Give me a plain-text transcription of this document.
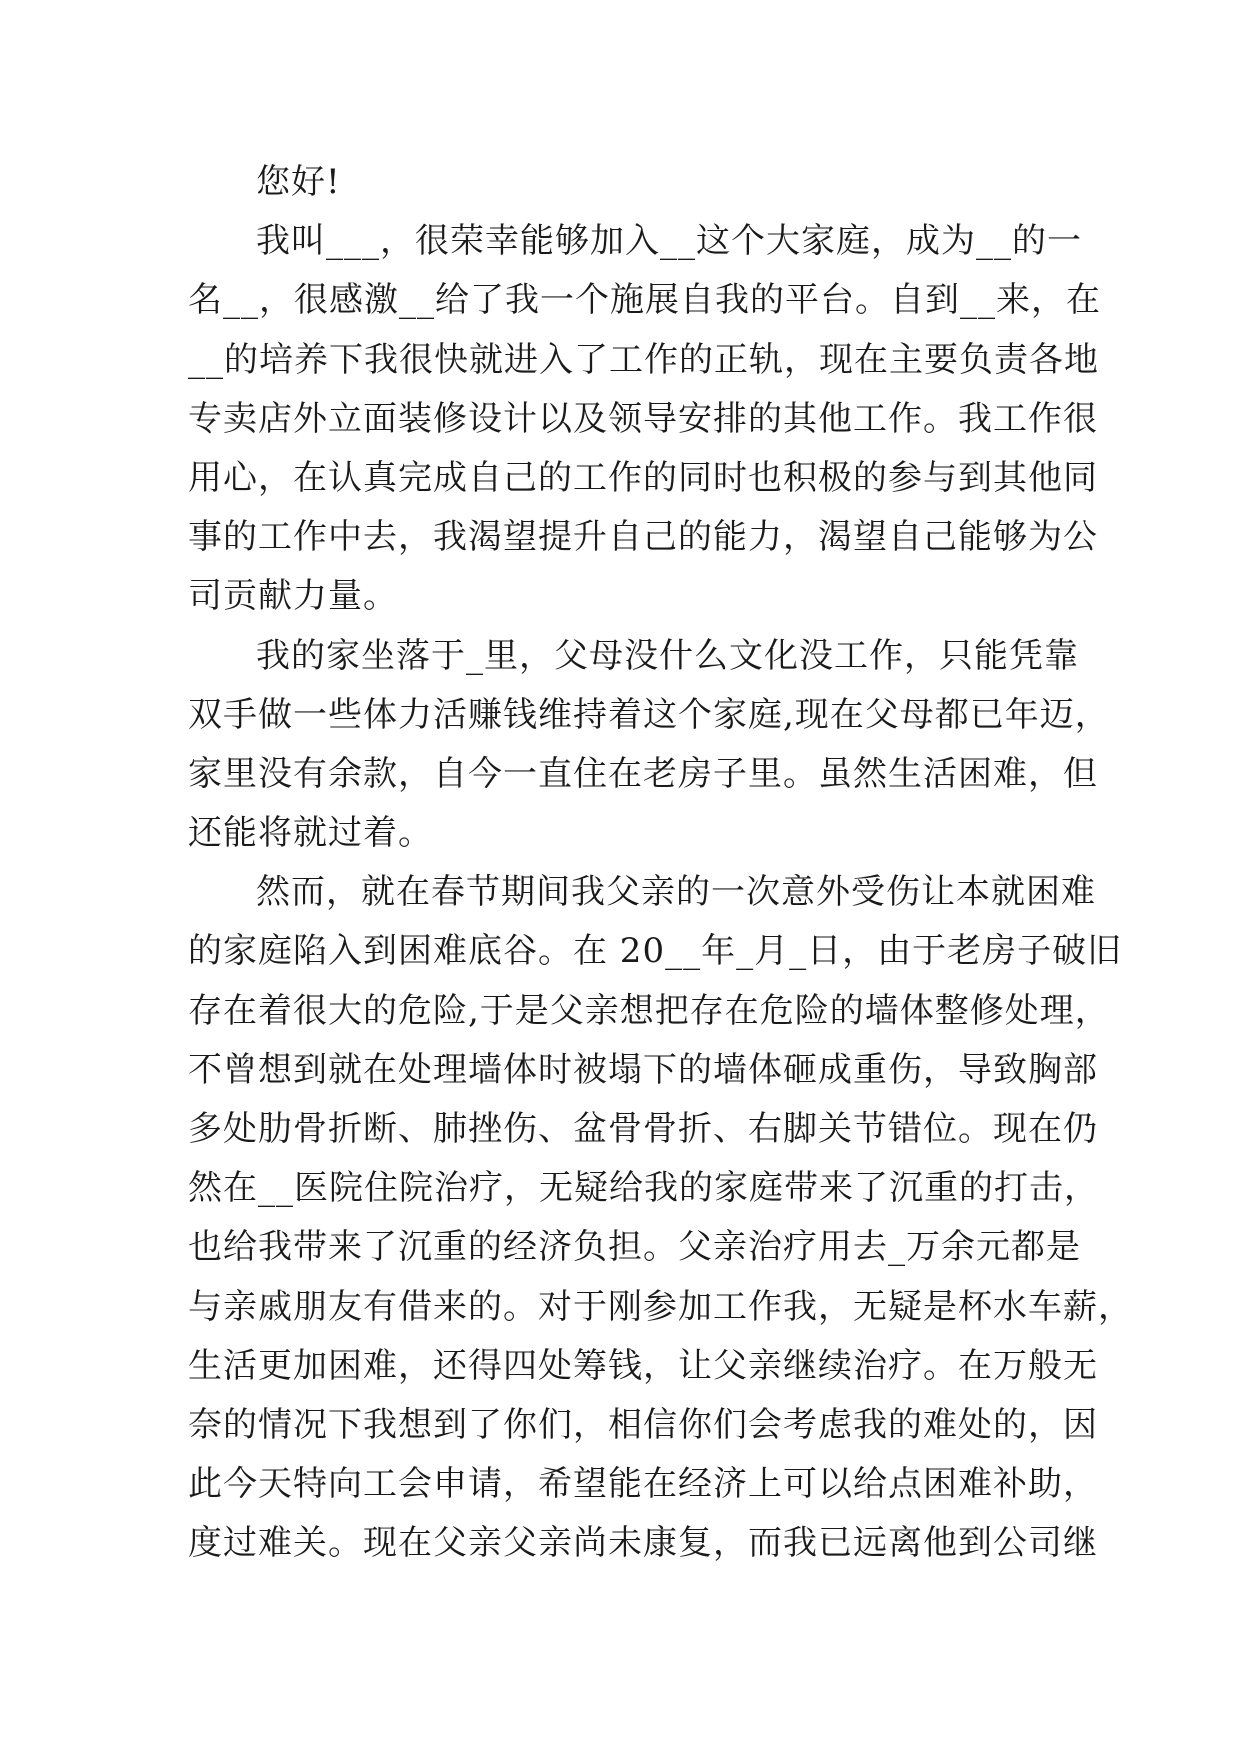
您好!
我叫___，很荣幸能够加入__这个大家庭，成为__的一
名__，很感激__给了我一个施展自我的平台。自到__来，在
__的培养下我很快就进入了工作的正轨，现在主要负责各地
专卖店外立面装修设计以及领导安排的其他工作。我工作很
用心，在认真完成自己的工作的同时也积极的参与到其他同
事的工作中去，我渴望提升自己的能力，渴望自己能够为公
司贡献力量。
我的家坐落于_里，父母没什么文化没工作，只能凭靠
双手做一些体力活赚钱维持着这个家庭,现在父母都已年迈，
家里没有余款，自今一直住在老房子里。虽然生活困难，但
还能将就过着。
然而，就在春节期间我父亲的一次意外受伤让本就困难
的家庭陷入到困难底谷。在 20__年_月_日，由于老房子破旧
存在着很大的危险,于是父亲想把存在危险的墙体整修处理，
不曾想到就在处理墙体时被塌下的墙体砸成重伤，导致胸部
多处肋骨折断、肺挫伤、盆骨骨折、右脚关节错位。现在仍
然在__医院住院治疗，无疑给我的家庭带来了沉重的打击，
也给我带来了沉重的经济负担。父亲治疗用去_万余元都是
与亲戚朋友有借来的。对于刚参加工作我，无疑是杯水车薪，
生活更加困难，还得四处筹钱，让父亲继续治疗。在万般无
奈的情况下我想到了你们，相信你们会考虑我的难处的，因
此今天特向工会申请，希望能在经济上可以给点困难补助，
度过难关。现在父亲父亲尚未康复，而我已远离他到公司继
